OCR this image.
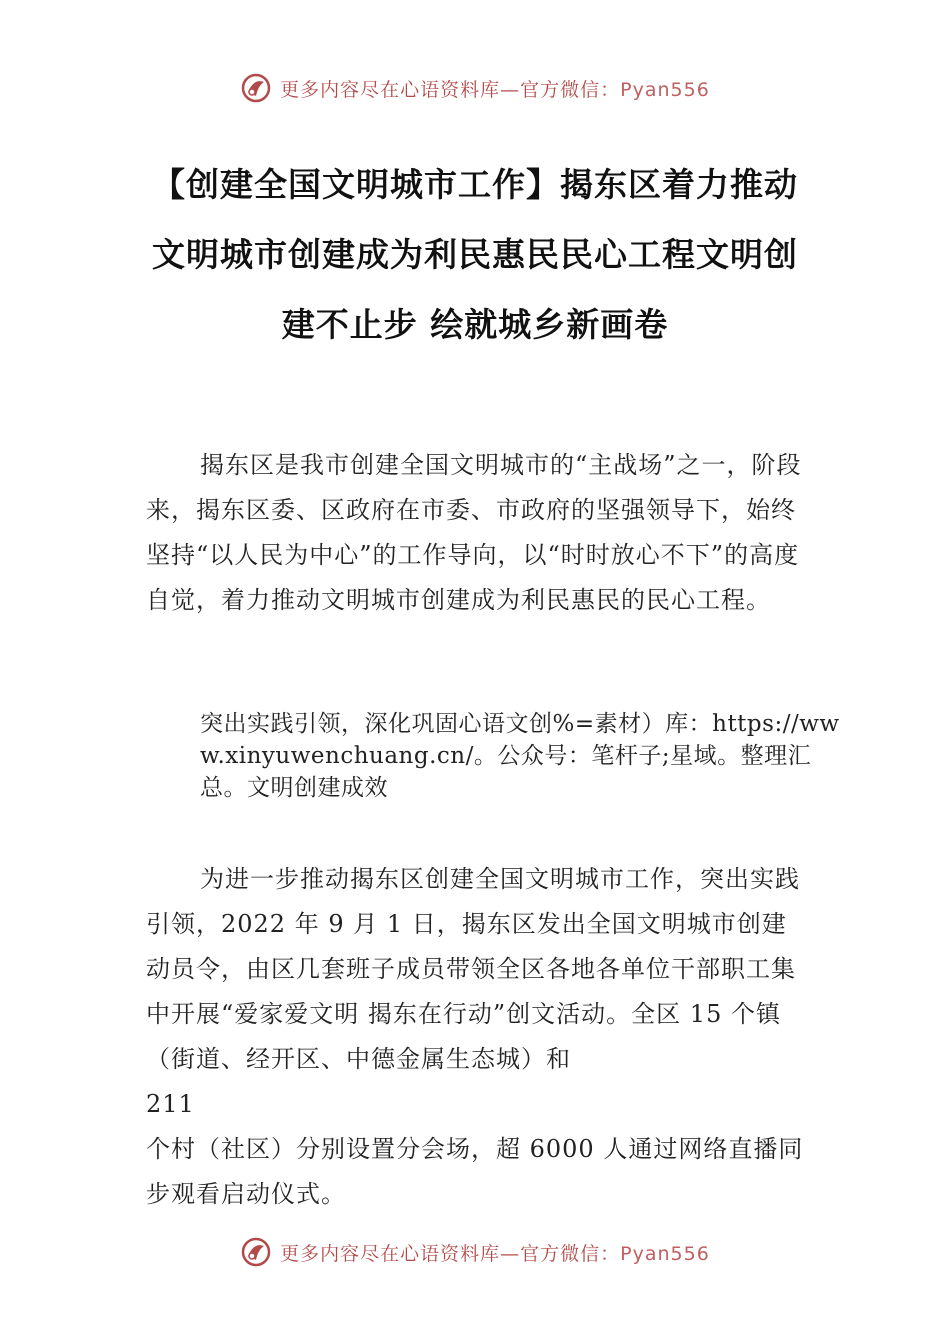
更多内容尽在心语资料库—官方微信：Pyan556
【创建全国文明城市工作】揭东区着力推动文明城市创建成为利民惠民民心工程文明创建不止步 绘就城乡新画卷
揭东区是我市创建全国文明城市的“主战场”之一，阶段来，揭东区委、区政府在市委、市政府的坚强领导下，始终坚持“以人民为中心”的工作导向，以“时时放心不下”的高度自觉，着力推动文明城市创建成为利民惠民的民心工程。
突出实践引领，深化巩固心语文创%=素材）库：https://www.xinyuwenchuang.cn/。公众号：笔杆子;星域。整理汇总。文明创建成效
为进一步推动揭东区创建全国文明城市工作，突出实践引领，2022 年 9 月 1 日，揭东区发出全国文明城市创建动员令，由区几套班子成员带领全区各地各单位干部职工集中开展“爱家爱文明 揭东在行动”创文活动。全区 15 个镇（街道、经开区、中德金属生态城）和
211
个村（社区）分别设置分会场，超 6000 人通过网络直播同步观看启动仪式。
更多内容尽在心语资料库—官方微信：Pyan556
